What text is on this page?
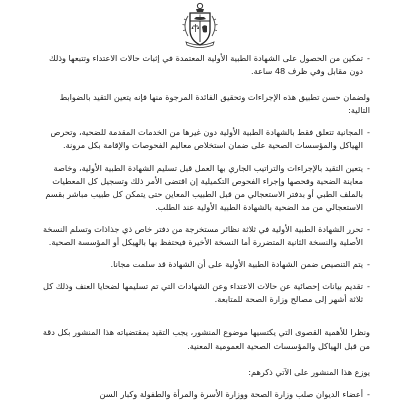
- تمكين من الحصول على الشهادة الطبية الأولية المعتمدة في إثبات حالات الاعتداء وتتبعها وذلك دون مقابل وفي ظرف 48 ساعة.

ولضمان حسن تطبيق هذه الإجراءات وتحقيق الفائدة المرجوة منها فإنه يتعين التقيد بالضوابط التالية:

- المجانية تتعلق فقط بالشهادة الطبية الأولية دون غيرها من الخدمات المقدمة للضحية، وتحرص الهياكل والمؤسسات الصحية على ضمان استخلاص معاليم الفحوصات والإقامة بكل مرونة.

- يتعين التقيد بالإجراءات والتراتيب الجاري بها العمل قبل تسليم الشهادة الطبية الأولية، وخاصة معاينة الضحية وفحصها وإجراء الفحوص التكميلية إن اقتضى الأمر ذلك وتسجيل كل المعطيات بالملف الطبي أو بدفتر الاستعجالي من قبل الطبيب المعاين حتى يتمكن كل طبيب مباشر بقسم الاستعجالي من مد الضحية بالشهادة الطبية الأولية عند الطلب.

- تحرر الشهادة الطبية الأولية في ثلاثة نظائر مستخرجة من دفتر خاص ذي جذاذات وتسلم النسخة الأصلية والنسخة الثانية المتضررة أما النسخة الأخيرة فيحتفظ بها بالهيكل أو المؤسسة الصحية.

- يتم التنصيص ضمن الشهادة الطبية الأولية على أن الشهادة قد سلمت مجانا.

- تقديم بيانات إحصائية عن حالات الاعتداء وعن الشهادات التي تم تسليمها لضحايا العنف وذلك كل ثلاثة أشهر إلى مصالح وزارة الصحة للمتابعة.

ونظرا للأهمية القصوى التي يكتسيها موضوع المنشور، يجب التقيد بمقتضياته هذا المنشور بكل دقة من قبل الهياكل والمؤسسات الصحية العمومية المعنية.

يوزع هذا المنشور على الآتي ذكرهم:

- أعضاء الديوان صلب وزارة الصحة ووزارة الأسرة والمرأة والطفولة وكبار السن
